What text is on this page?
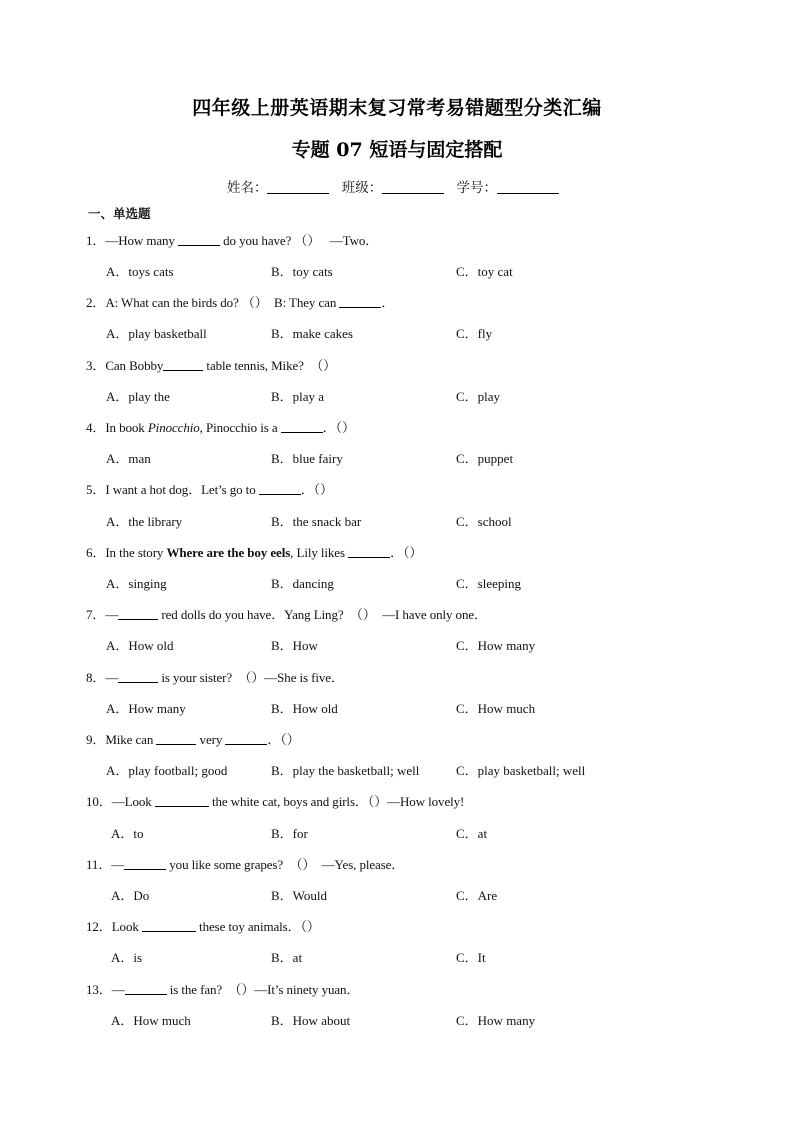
四年级上册英语期末复习常考易错题型分类汇编
专题 07 短语与固定搭配
姓名：	班级：	学号：
一、单选题
1．—How many	do you have? （）　 —Two．
A．toys cats	B．toy cats	C．toy cat
2．A: What can the birds do? （）　B: They can	．
A．play basketball	B．make cakes	C．fly
3．Can Bobby	table tennis, Mike?　（）
A．play the	B．play a	C．play
4．In book Pinocchio, Pinocchio is a	．（）
A．man	B．blue fairy	C．puppet
5．I want a hot dog．Let’s go to	．（）
A．the library	B．the snack bar	C．school
6．In the story Where are the boy eels, Lily likes	．（）
A．singing	B．dancing	C．sleeping
7．—	red dolls do you have．Yang Ling?　（）　—I have only one．
A．How old	B．How	C．How many
8．—	is your sister?　（）—She is five．
A．How many	B．How old	C．How much
9．Mike can	very	．（）
A．play football; good	B．play the basketball; well	C．play basketball; well
10．—Look	the white cat, boys and girls．（）—How lovely!
A．to	B．for	C．at
11．—	you like some grapes?　（）　—Yes, please．
A．Do	B．Would	C．Are
12．Look	these toy animals．（）
A．is	B．at	C．It
13．—	is the fan?　（）—It’s ninety yuan．
A．How much	B．How about	C．How many
